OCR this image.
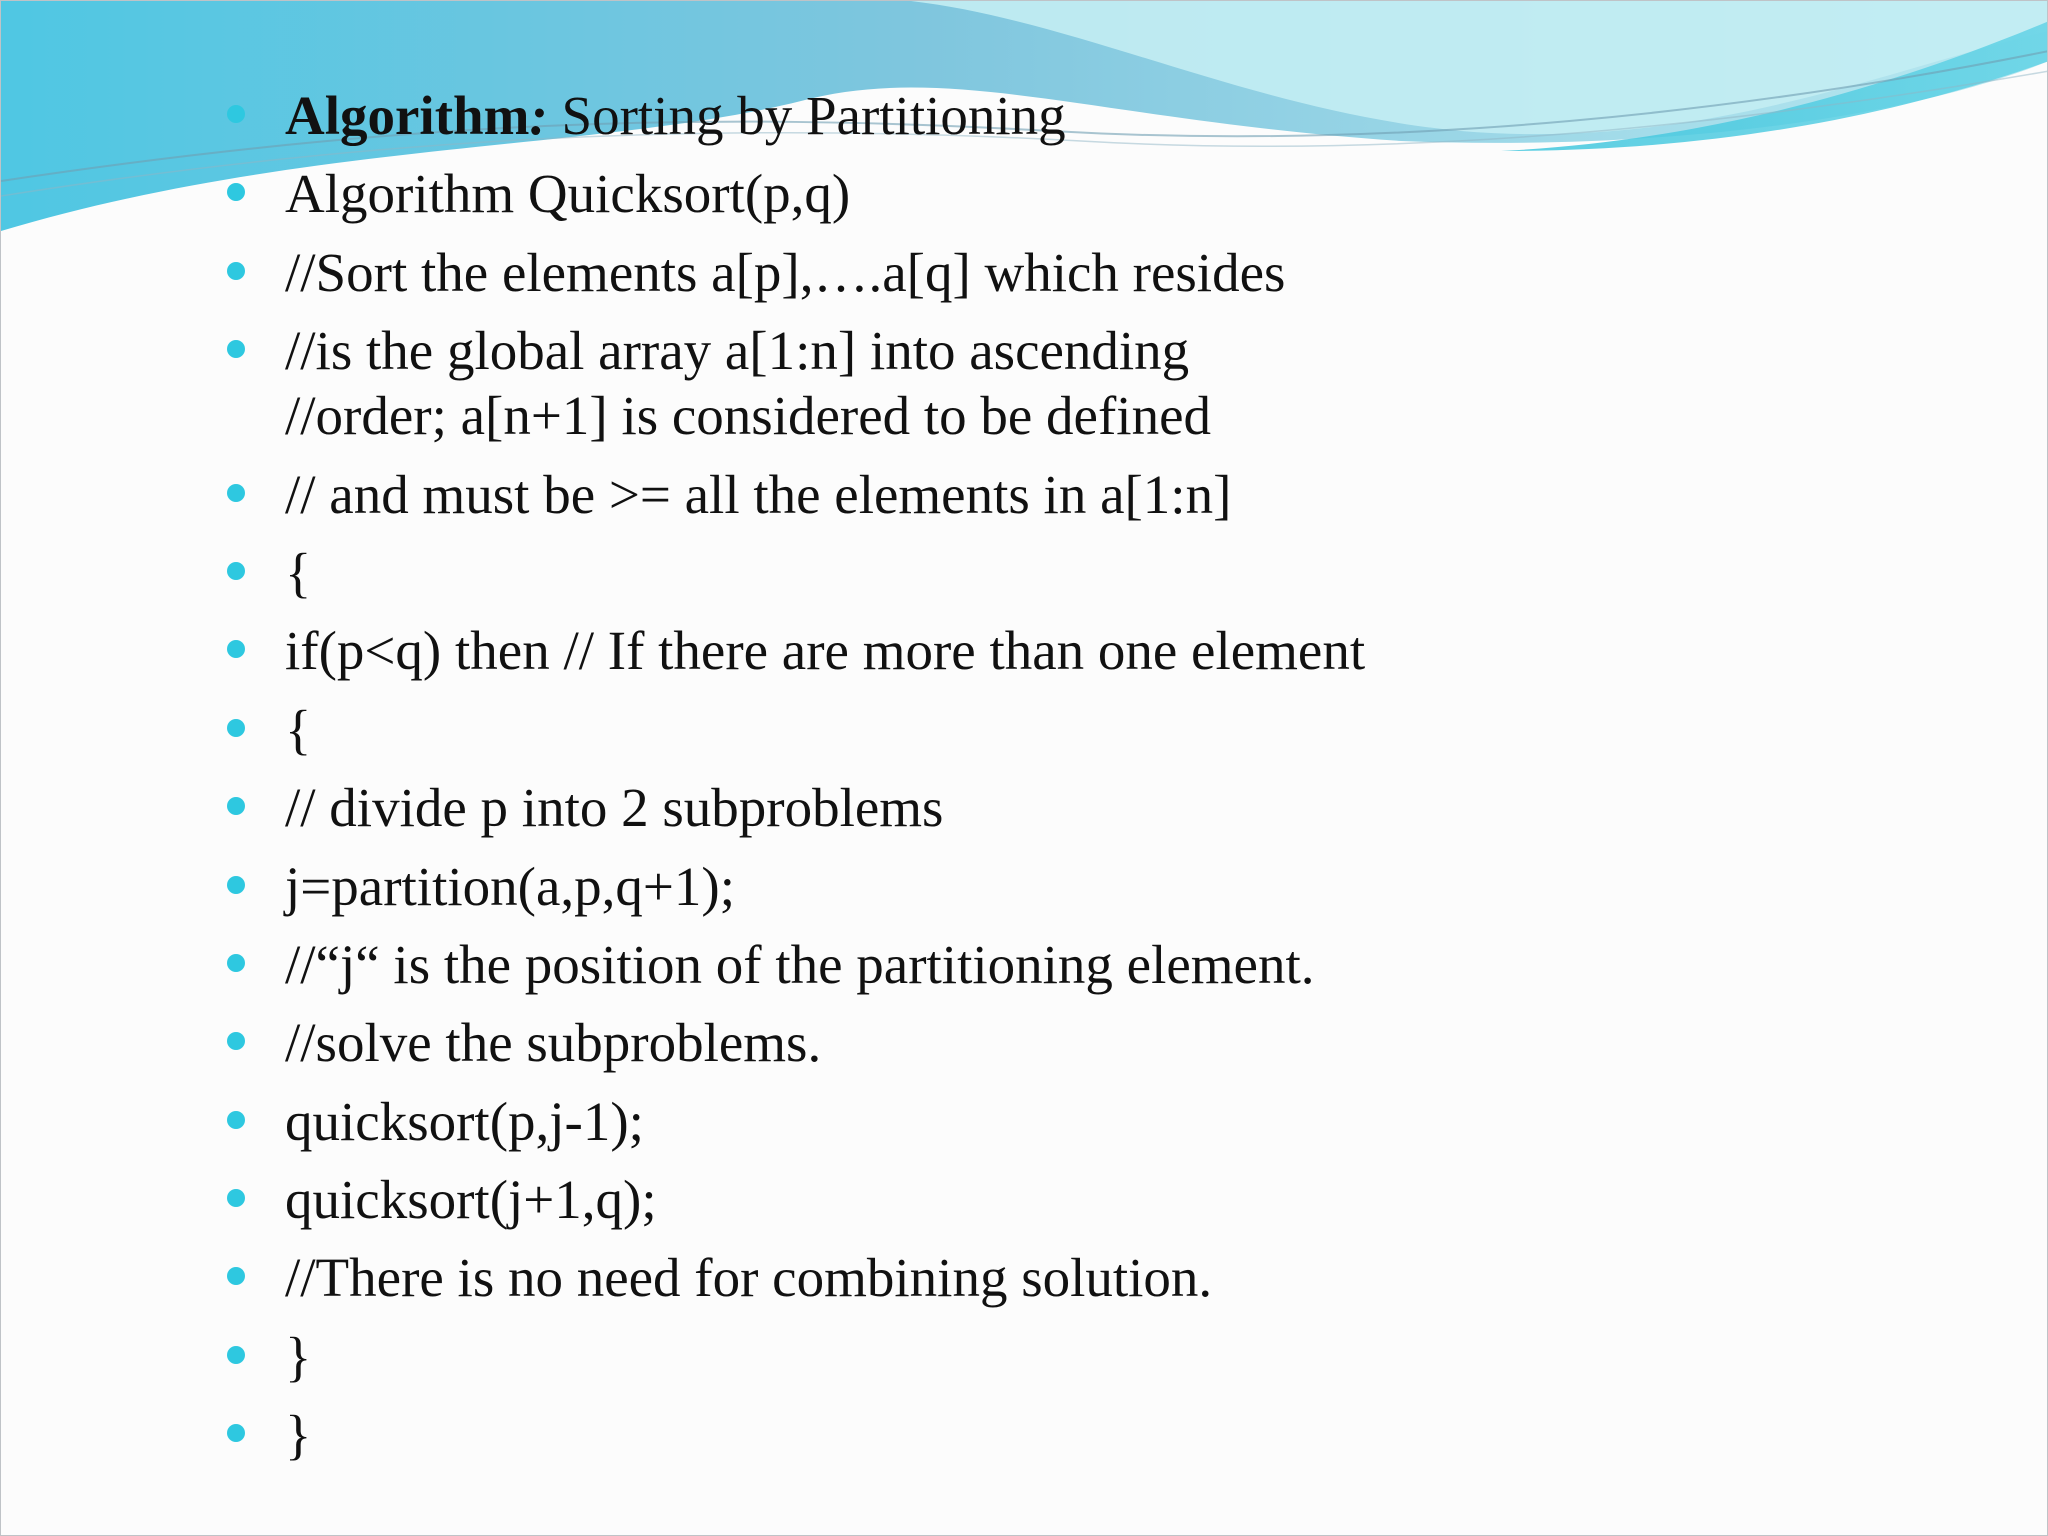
Algorithm: Sorting by Partitioning
Algorithm Quicksort(p,q)
//Sort the elements a[p],….a[q] which resides
//is the global array a[1:n] into ascending
//order; a[n+1] is considered to be defined
// and must be >= all the elements in a[1:n]
{
if(p<q) then // If there are more than one element
{
// divide p into 2 subproblems
j=partition(a,p,q+1);
//“j“ is the position of the partitioning element.
//solve the subproblems.
quicksort(p,j-1);
quicksort(j+1,q);
//There is no need for combining solution.
}
}
